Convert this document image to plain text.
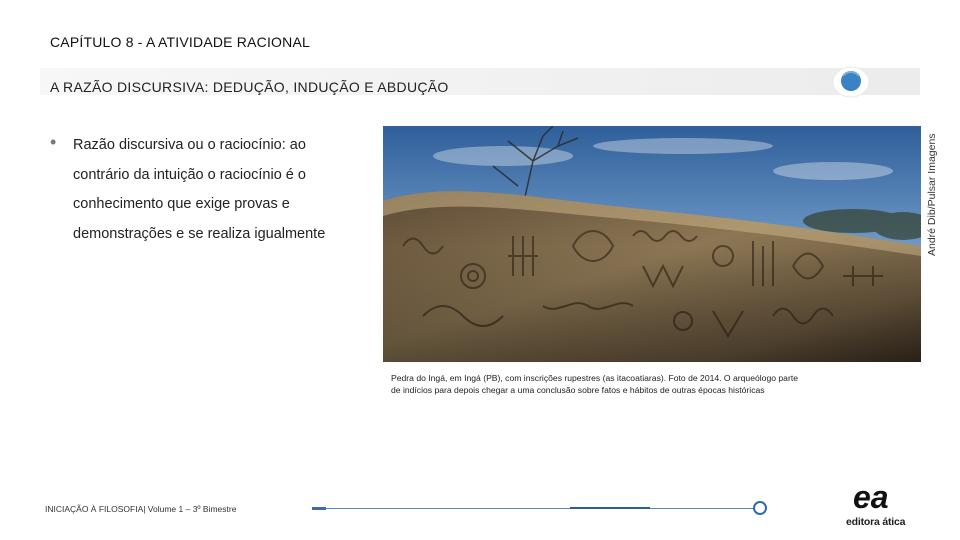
CAPÍTULO 8 - A ATIVIDADE RACIONAL
A RAZÃO DISCURSIVA: DEDUÇÃO, INDUÇÃO E ABDUÇÃO
• Razão discursiva ou o raciocínio: ao
contrário da intuição o raciocínio é o
conhecimento que exige provas e
demonstrações e se realiza igualmente	André Dib/Pulsar Imagens
Pedra do Ingá, em Ingá (PB), com inscrições rupestres (as itacoatiaras). Foto de 2014. O arqueólogo parte
de indícios para depois chegar a uma conclusão sobre fatos e hábitos de outras épocas históricas
INICIAÇÃO À FILOSOFIA| Volume 1 – 3º Bimestre	ea
editora ática
